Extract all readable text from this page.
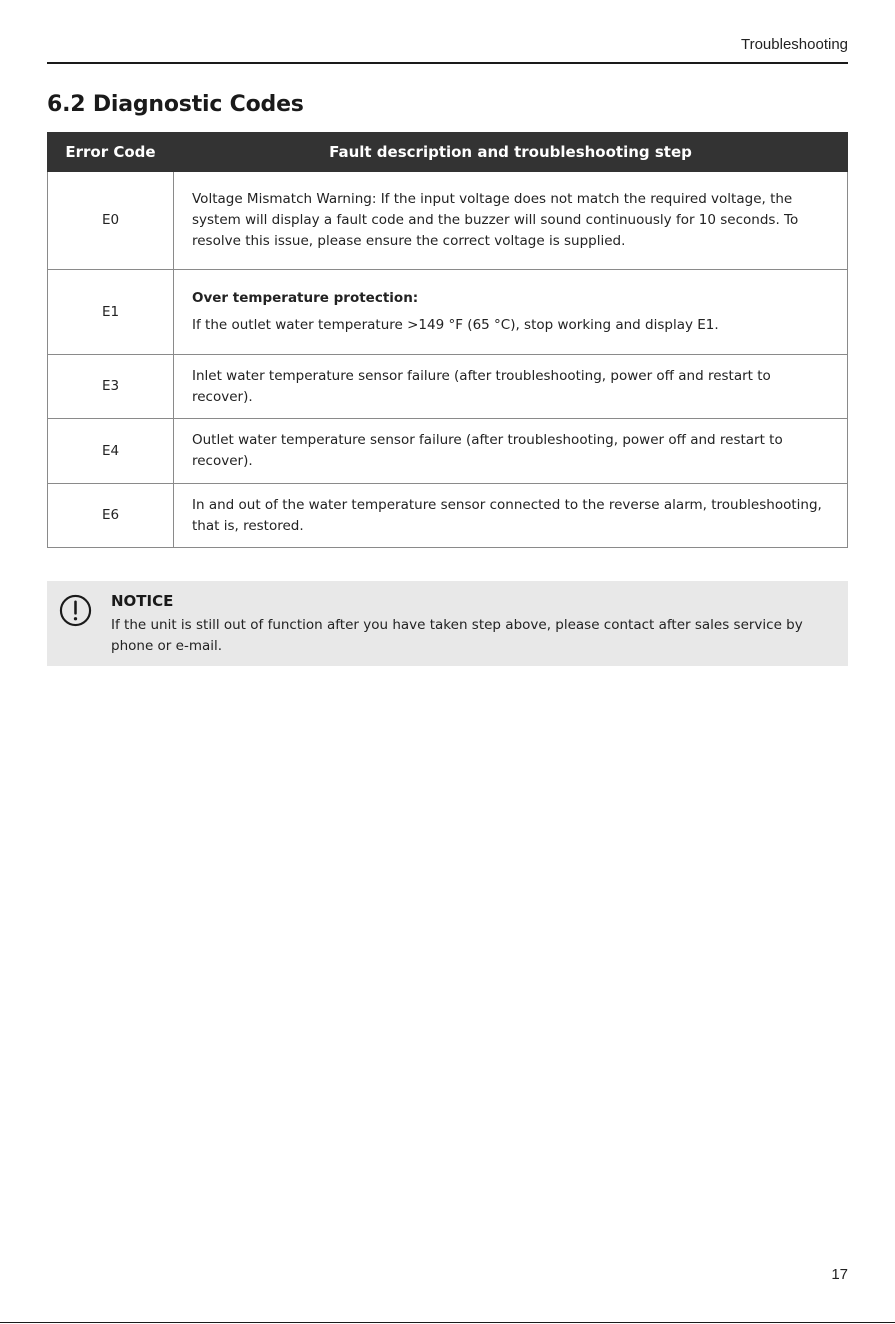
Troubleshooting
6.2 Diagnostic Codes
Error Code	Fault description and troubleshooting step
E0	Voltage Mismatch Warning: If the input voltage does not match the required voltage, the system will display a fault code and the buzzer will sound continuously for 10 seconds. To resolve this issue, please ensure the correct voltage is supplied.

E1	Over temperature protection:
If the outlet water temperature >149 °F (65 °C), stop working and display E1.

E3	Inlet water temperature sensor failure (after troubleshooting, power off and restart to recover).

E4	Outlet water temperature sensor failure (after troubleshooting, power off and restart to recover).

E6	In and out of the water temperature sensor connected to the reverse alarm, troubleshooting, that is, restored.
NOTICE
If the unit is still out of function after you have taken step above, please contact after sales service by phone or e-mail.
17
